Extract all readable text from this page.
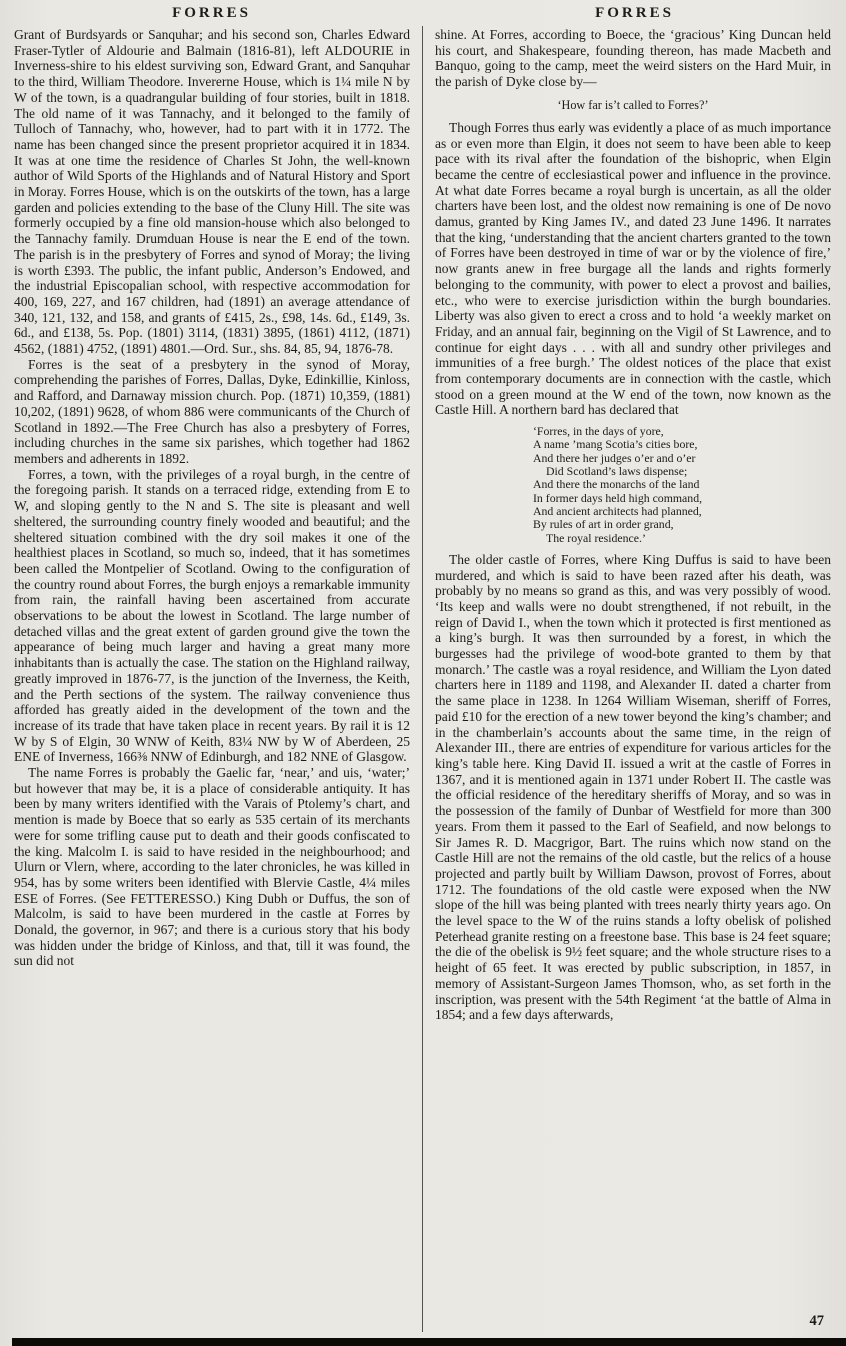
FORRES	FORRES

Grant of Burdsyards or Sanquhar; and his second son, Charles Edward Fraser-Tytler of Aldourie and Balmain (1816-81), left ALDOURIE in Inverness-shire to his eldest surviving son, Edward Grant, and Sanquhar to the third, William Theodore. Invererne House, which is 1¼ mile N by W of the town, is a quadrangular building of four stories, built in 1818. The old name of it was Tannachy, and it belonged to the family of Tulloch of Tannachy, who, however, had to part with it in 1772. The name has been changed since the present proprietor acquired it in 1834. It was at one time the residence of Charles St John, the well-known author of Wild Sports of the Highlands and of Natural History and Sport in Moray. Forres House, which is on the outskirts of the town, has a large garden and policies extending to the base of the Cluny Hill. The site was formerly occupied by a fine old mansion-house which also belonged to the Tannachy family. Drumduan House is near the E end of the town. The parish is in the presbytery of Forres and synod of Moray; the living is worth £393. The public, the infant public, Anderson’s Endowed, and the industrial Episcopalian school, with respective accommodation for 400, 169, 227, and 167 children, had (1891) an average attendance of 340, 121, 132, and 158, and grants of £415, 2s., £98, 14s. 6d., £149, 3s. 6d., and £138, 5s. Pop. (1801) 3114, (1831) 3895, (1861) 4112, (1871) 4562, (1881) 4752, (1891) 4801.—Ord. Sur., shs. 84, 85, 94, 1876-78.

Forres is the seat of a presbytery in the synod of Moray, comprehending the parishes of Forres, Dallas, Dyke, Edinkillie, Kinloss, and Rafford, and Darnaway mission church. Pop. (1871) 10,359, (1881) 10,202, (1891) 9628, of whom 886 were communicants of the Church of Scotland in 1892.—The Free Church has also a presbytery of Forres, including churches in the same six parishes, which together had 1862 members and adherents in 1892.

Forres, a town, with the privileges of a royal burgh, in the centre of the foregoing parish. It stands on a terraced ridge, extending from E to W, and sloping gently to the N and S. The site is pleasant and well sheltered, the surrounding country finely wooded and beautiful; and the sheltered situation combined with the dry soil makes it one of the healthiest places in Scotland, so much so, indeed, that it has sometimes been called the Montpelier of Scotland. Owing to the configuration of the country round about Forres, the burgh enjoys a remarkable immunity from rain, the rainfall having been ascertained from accurate observations to be about the lowest in Scotland. The large number of detached villas and the great extent of garden ground give the town the appearance of being much larger and having a great many more inhabitants than is actually the case. The station on the Highland railway, greatly improved in 1876-77, is the junction of the Inverness, the Keith, and the Perth sections of the system. The railway convenience thus afforded has greatly aided in the development of the town and the increase of its trade that have taken place in recent years. By rail it is 12 W by S of Elgin, 30 WNW of Keith, 83¼ NW by W of Aberdeen, 25 ENE of Inverness, 166⅜ NNW of Edinburgh, and 182 NNE of Glasgow.

The name Forres is probably the Gaelic far, ‘near,’ and uis, ‘water;’ but however that may be, it is a place of considerable antiquity. It has been by many writers identified with the Varais of Ptolemy’s chart, and mention is made by Boece that so early as 535 certain of its merchants were for some trifling cause put to death and their goods confiscated to the king. Malcolm I. is said to have resided in the neighbourhood; and Ulurn or Vlern, where, according to the later chronicles, he was killed in 954, has by some writers been identified with Blervie Castle, 4¼ miles ESE of Forres. (See FETTERESSO.) King Dubh or Duffus, the son of Malcolm, is said to have been murdered in the castle at Forres by Donald, the governor, in 967; and there is a curious story that his body was hidden under the bridge of Kinloss, and that, till it was found, the sun did not

shine. At Forres, according to Boece, the ‘gracious’ King Duncan held his court, and Shakespeare, founding thereon, has made Macbeth and Banquo, going to the camp, meet the weird sisters on the Hard Muir, in the parish of Dyke close by—

‘How far is’t called to Forres?’

Though Forres thus early was evidently a place of as much importance as or even more than Elgin, it does not seem to have been able to keep pace with its rival after the foundation of the bishopric, when Elgin became the centre of ecclesiastical power and influence in the province. At what date Forres became a royal burgh is uncertain, as all the older charters have been lost, and the oldest now remaining is one of De novo damus, granted by King James IV., and dated 23 June 1496. It narrates that the king, ‘understanding that the ancient charters granted to the town of Forres have been destroyed in time of war or by the violence of fire,’ now grants anew in free burgage all the lands and rights formerly belonging to the community, with power to elect a provost and bailies, etc., who were to exercise jurisdiction within the burgh boundaries. Liberty was also given to erect a cross and to hold ‘a weekly market on Friday, and an annual fair, beginning on the Vigil of St Lawrence, and to continue for eight days . . . with all and sundry other privileges and immunities of a free burgh.’ The oldest notices of the place that exist from contemporary documents are in connection with the castle, which stood on a green mound at the W end of the town, now known as the Castle Hill. A northern bard has declared that

‘Forres, in the days of yore,
A name ’mang Scotia’s cities bore,
And there her judges o’er and o’er
Did Scotland’s laws dispense;
And there the monarchs of the land
In former days held high command,
And ancient architects had planned,
By rules of art in order grand,
The royal residence.’

The older castle of Forres, where King Duffus is said to have been murdered, and which is said to have been razed after his death, was probably by no means so grand as this, and was very possibly of wood. ‘Its keep and walls were no doubt strengthened, if not rebuilt, in the reign of David I., when the town which it protected is first mentioned as a king’s burgh. It was then surrounded by a forest, in which the burgesses had the privilege of wood-bote granted to them by that monarch.’ The castle was a royal residence, and William the Lyon dated charters here in 1189 and 1198, and Alexander II. dated a charter from the same place in 1238. In 1264 William Wiseman, sheriff of Forres, paid £10 for the erection of a new tower beyond the king’s chamber; and in the chamberlain’s accounts about the same time, in the reign of Alexander III., there are entries of expenditure for various articles for the king’s table here. King David II. issued a writ at the castle of Forres in 1367, and it is mentioned again in 1371 under Robert II. The castle was the official residence of the hereditary sheriffs of Moray, and so was in the possession of the family of Dunbar of Westfield for more than 300 years. From them it passed to the Earl of Seafield, and now belongs to Sir James R. D. Macgrigor, Bart. The ruins which now stand on the Castle Hill are not the remains of the old castle, but the relics of a house projected and partly built by William Dawson, provost of Forres, about 1712. The foundations of the old castle were exposed when the NW slope of the hill was being planted with trees nearly thirty years ago. On the level space to the W of the ruins stands a lofty obelisk of polished Peterhead granite resting on a freestone base. This base is 24 feet square; the die of the obelisk is 9½ feet square; and the whole structure rises to a height of 65 feet. It was erected by public subscription, in 1857, in memory of Assistant-Surgeon James Thomson, who, as set forth in the inscription, was present with the 54th Regiment ‘at the battle of Alma in 1854; and a few days afterwards,

47
